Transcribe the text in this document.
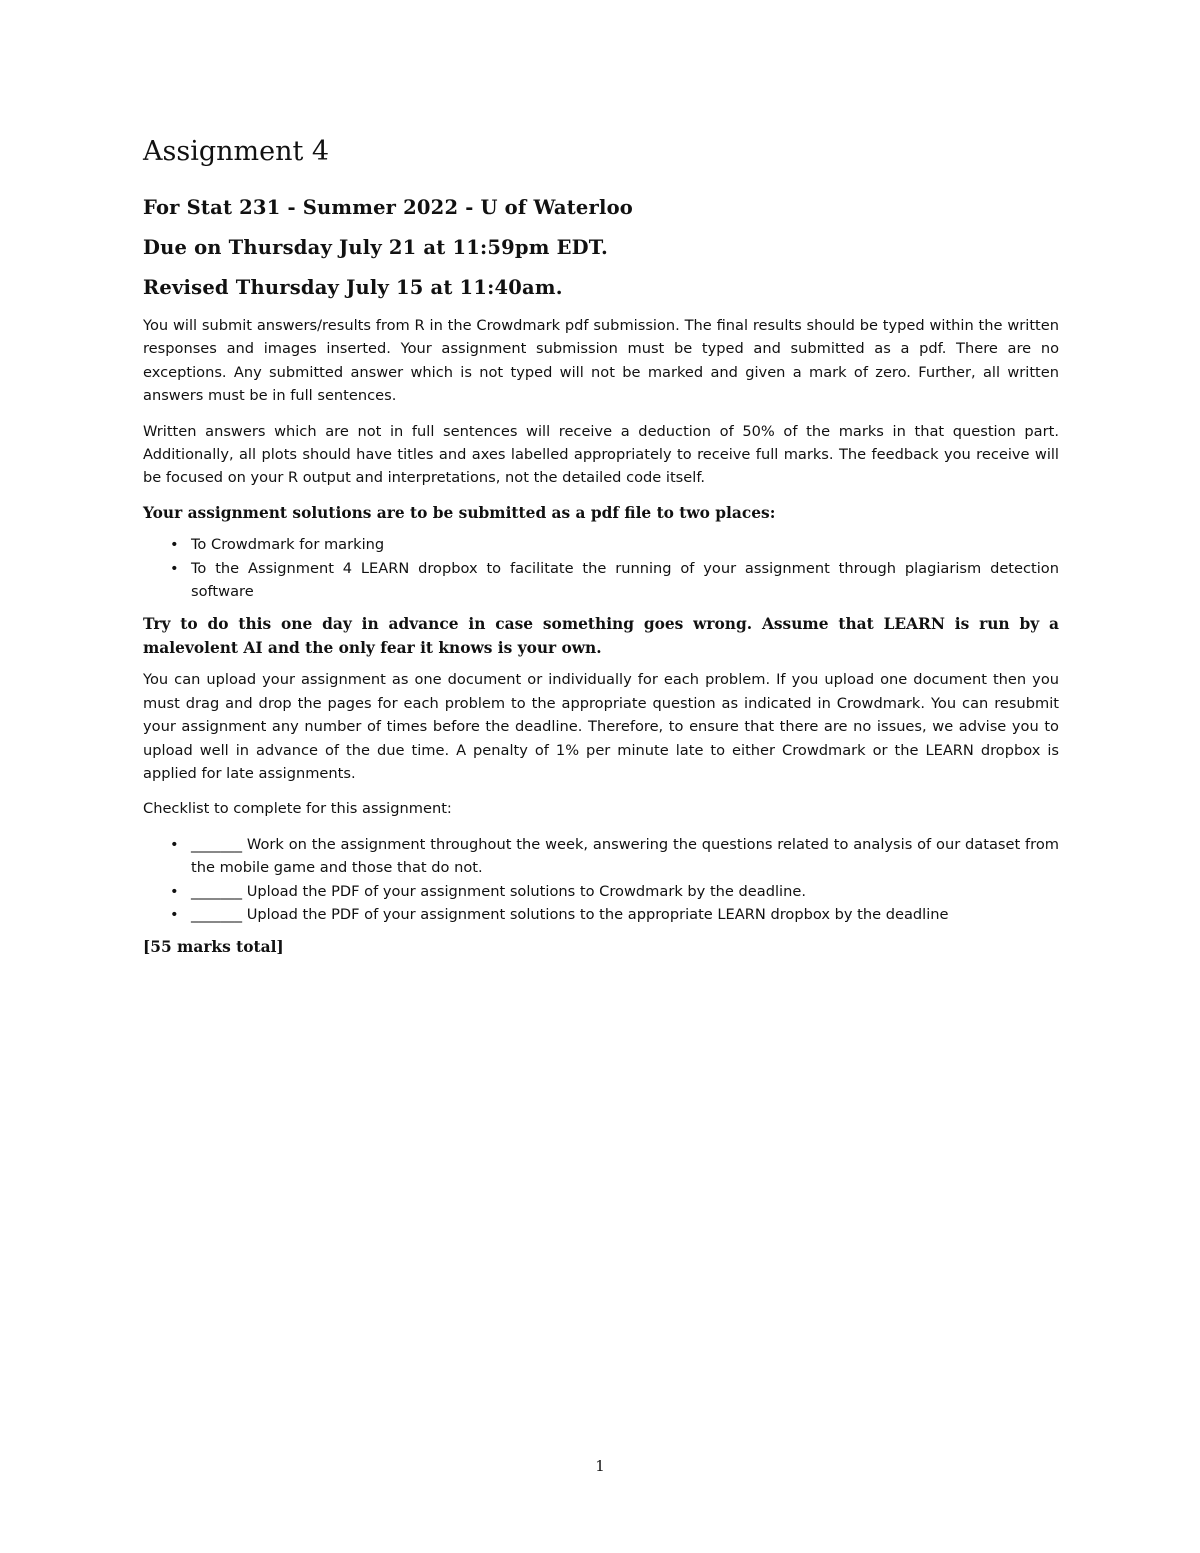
Assignment 4
For Stat 231 - Summer 2022 - U of Waterloo
Due on Thursday July 21 at 11:59pm EDT.
Revised Thursday July 15 at 11:40am.

You will submit answers/results from R in the Crowdmark pdf submission. The final results should be typed within the written responses and images inserted. Your assignment submission must be typed and submitted as a pdf. There are no exceptions. Any submitted answer which is not typed will not be marked and given a mark of zero. Further, all written answers must be in full sentences.

Written answers which are not in full sentences will receive a deduction of 50% of the marks in that question part. Additionally, all plots should have titles and axes labelled appropriately to receive full marks. The feedback you receive will be focused on your R output and interpretations, not the detailed code itself.

Your assignment solutions are to be submitted as a pdf file to two places:
• To Crowdmark for marking
• To the Assignment 4 LEARN dropbox to facilitate the running of your assignment through plagiarism detection software
Try to do this one day in advance in case something goes wrong. Assume that LEARN is run by a malevolent AI and the only fear it knows is your own.

You can upload your assignment as one document or individually for each problem. If you upload one document then you must drag and drop the pages for each problem to the appropriate question as indicated in Crowdmark. You can resubmit your assignment any number of times before the deadline. Therefore, to ensure that there are no issues, we advise you to upload well in advance of the due time. A penalty of 1% per minute late to either Crowdmark or the LEARN dropbox is applied for late assignments.

Checklist to complete for this assignment:

• _______ Work on the assignment throughout the week, answering the questions related to analysis of our dataset from the mobile game and those that do not.
• _______ Upload the PDF of your assignment solutions to Crowdmark by the deadline.
• _______ Upload the PDF of your assignment solutions to the appropriate LEARN dropbox by the deadline
[55 marks total]
1
